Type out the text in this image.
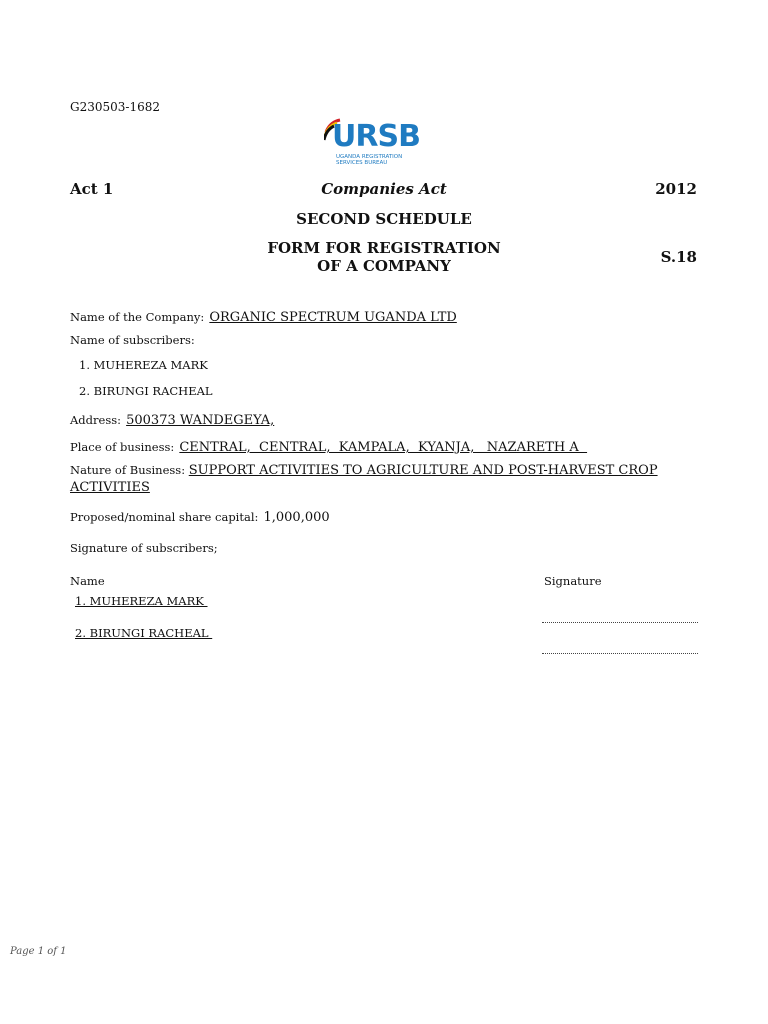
G230503-1682
URSB
UGANDA REGISTRATION
SERVICES BUREAU
Act 1	Companies Act	2012
SECOND SCHEDULE
FORM FOR REGISTRATION
OF A COMPANY	S.18
Name of the Company: ORGANIC SPECTRUM UGANDA LTD
Name of subscribers:
1. MUHEREZA MARK
2. BIRUNGI RACHEAL
Address: 500373 WANDEGEYA,
Place of business: CENTRAL,  CENTRAL,  KAMPALA,  KYANJA,   NAZARETH A
Nature of Business: SUPPORT ACTIVITIES TO AGRICULTURE AND POST-HARVEST CROP ACTIVITIES
Proposed/nominal share capital: 1,000,000
Signature of subscribers;
Name	Signature
1. MUHEREZA MARK
2. BIRUNGI RACHEAL
Page 1 of 1
